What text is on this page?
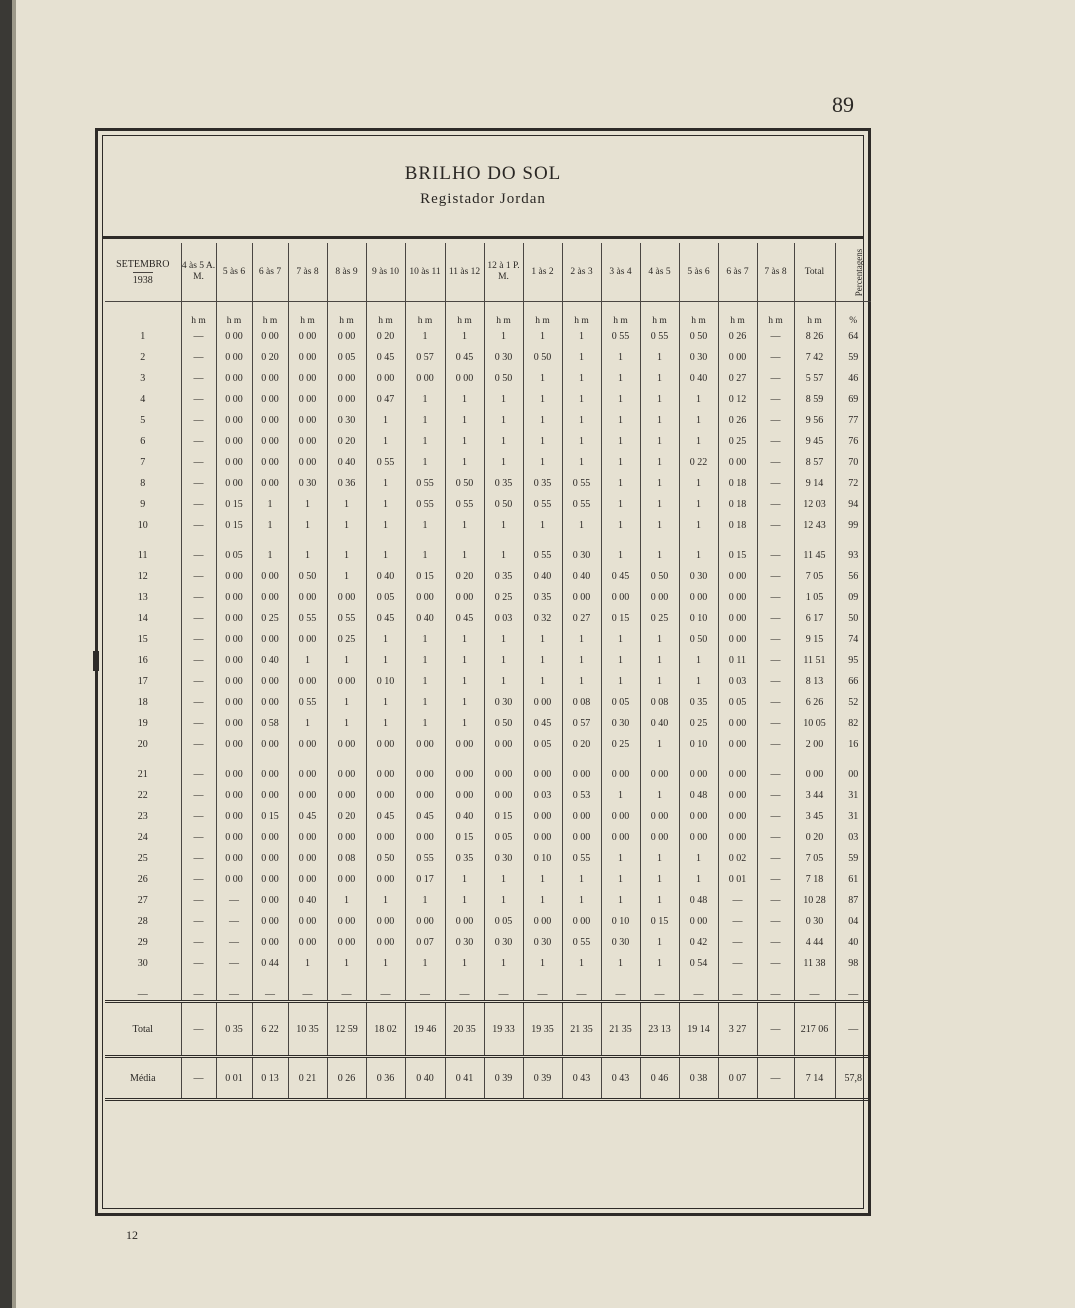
89
BRILHO DO SOL
Registador Jordan
SETEMBRO
1938	4 às 5 A. M.	5 às 6	6 às 7	7 às 8	8 às 9	9 às 10	10 às 11	11 às 12	12 à 1 P. M.	1 às 2	2 às 3	3 às 4	4 às 5	5 às 6	6 às 7	7 às 8	Total	Percentagens
	h m	h m	h m	h m	h m	h m	h m	h m	h m	h m	h m	h m	h m	h m	h m	h m	h m	%
1	—	0 00	0 00	0 00	0 00	0 20	1	1	1	1	1	0 55	0 55	0 50	0 26	—	8 26	64
2	—	0 00	0 20	0 00	0 05	0 45	0 57	0 45	0 30	0 50	1	1	1	0 30	0 00	—	7 42	59
3	—	0 00	0 00	0 00	0 00	0 00	0 00	0 00	0 50	1	1	1	1	0 40	0 27	—	5 57	46
4	—	0 00	0 00	0 00	0 00	0 47	1	1	1	1	1	1	1	1	0 12	—	8 59	69
5	—	0 00	0 00	0 00	0 30	1	1	1	1	1	1	1	1	1	0 26	—	9 56	77
6	—	0 00	0 00	0 00	0 20	1	1	1	1	1	1	1	1	1	0 25	—	9 45	76
7	—	0 00	0 00	0 00	0 40	0 55	1	1	1	1	1	1	1	0 22	0 00	—	8 57	70
8	—	0 00	0 00	0 30	0 36	1	0 55	0 50	0 35	0 35	0 55	1	1	1	0 18	—	9 14	72
9	—	0 15	1	1	1	1	0 55	0 55	0 50	0 55	0 55	1	1	1	0 18	—	12 03	94
10	—	0 15	1	1	1	1	1	1	1	1	1	1	1	1	0 18	—	12 43	99

11	—	0 05	1	1	1	1	1	1	1	0 55	0 30	1	1	1	0 15	—	11 45	93
12	—	0 00	0 00	0 50	1	0 40	0 15	0 20	0 35	0 40	0 40	0 45	0 50	0 30	0 00	—	7 05	56
13	—	0 00	0 00	0 00	0 00	0 05	0 00	0 00	0 25	0 35	0 00	0 00	0 00	0 00	0 00	—	1 05	09
14	—	0 00	0 25	0 55	0 55	0 45	0 40	0 45	0 03	0 32	0 27	0 15	0 25	0 10	0 00	—	6 17	50
15	—	0 00	0 00	0 00	0 25	1	1	1	1	1	1	1	1	0 50	0 00	—	9 15	74
16	—	0 00	0 40	1	1	1	1	1	1	1	1	1	1	1	0 11	—	11 51	95
17	—	0 00	0 00	0 00	0 00	0 10	1	1	1	1	1	1	1	1	0 03	—	8 13	66
18	—	0 00	0 00	0 55	1	1	1	1	0 30	0 00	0 08	0 05	0 08	0 35	0 05	—	6 26	52
19	—	0 00	0 58	1	1	1	1	1	0 50	0 45	0 57	0 30	0 40	0 25	0 00	—	10 05	82
20	—	0 00	0 00	0 00	0 00	0 00	0 00	0 00	0 00	0 05	0 20	0 25	1	0 10	0 00	—	2 00	16

21	—	0 00	0 00	0 00	0 00	0 00	0 00	0 00	0 00	0 00	0 00	0 00	0 00	0 00	0 00	—	0 00	00
22	—	0 00	0 00	0 00	0 00	0 00	0 00	0 00	0 00	0 03	0 53	1	1	0 48	0 00	—	3 44	31
23	—	0 00	0 15	0 45	0 20	0 45	0 45	0 40	0 15	0 00	0 00	0 00	0 00	0 00	0 00	—	3 45	31
24	—	0 00	0 00	0 00	0 00	0 00	0 00	0 15	0 05	0 00	0 00	0 00	0 00	0 00	0 00	—	0 20	03
25	—	0 00	0 00	0 00	0 08	0 50	0 55	0 35	0 30	0 10	0 55	1	1	1	0 02	—	7 05	59
26	—	0 00	0 00	0 00	0 00	0 00	0 17	1	1	1	1	1	1	1	0 01	—	7 18	61
27	—	—	0 00	0 40	1	1	1	1	1	1	1	1	1	0 48	—	—	10 28	87
28	—	—	0 00	0 00	0 00	0 00	0 00	0 00	0 05	0 00	0 00	0 10	0 15	0 00	—	—	0 30	04
29	—	—	0 00	0 00	0 00	0 00	0 07	0 30	0 30	0 30	0 55	0 30	1	0 42	—	—	4 44	40
30	—	—	0 44	1	1	1	1	1	1	1	1	1	1	0 54	—	—	11 38	98
—	—	—	—	—	—	—	—	—	—	—	—	—	—	—	—	—	—	—
Total	—	0 35	6 22	10 35	12 59	18 02	19 46	20 35	19 33	19 35	21 35	21 35	23 13	19 14	3 27	—	217 06	—
Média	—	0 01	0 13	0 21	0 26	0 36	0 40	0 41	0 39	0 39	0 43	0 43	0 46	0 38	0 07	—	7 14	57,8
12
